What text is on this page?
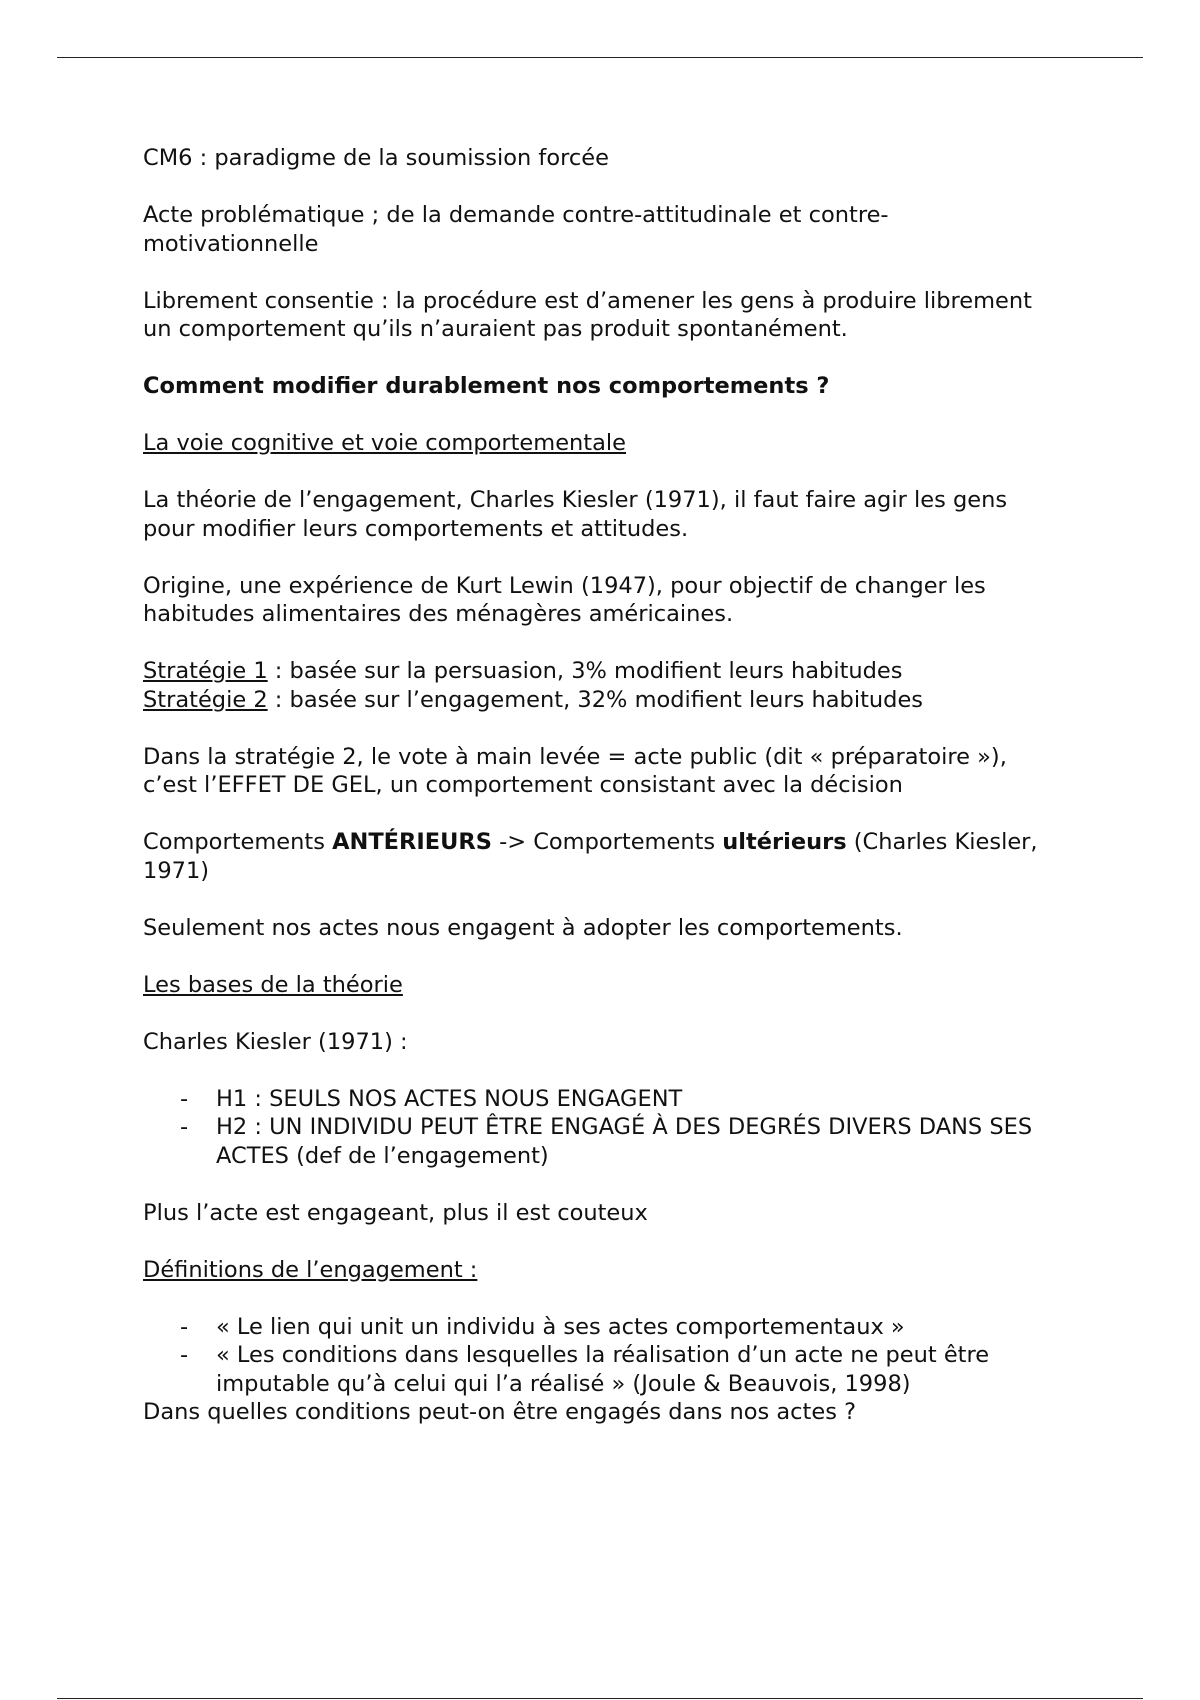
CM6 : paradigme de la soumission forcée

Acte problématique ; de la demande contre-attitudinale et contre-motivationnelle

Librement consentie : la procédure est d’amener les gens à produire librement un comportement qu’ils n’auraient pas produit spontanément.

Comment modifier durablement nos comportements ?

La voie cognitive et voie comportementale

La théorie de l’engagement, Charles Kiesler (1971), il faut faire agir les gens pour modifier leurs comportements et attitudes.

Origine, une expérience de Kurt Lewin (1947), pour objectif de changer les habitudes alimentaires des ménagères américaines.

Stratégie 1 : basée sur la persuasion, 3% modifient leurs habitudes
Stratégie 2 : basée sur l’engagement, 32% modifient leurs habitudes

Dans la stratégie 2, le vote à main levée = acte public (dit « préparatoire »), c’est l’EFFET DE GEL, un comportement consistant avec la décision

Comportements ANTÉRIEURS -> Comportements ultérieurs (Charles Kiesler, 1971)

Seulement nos actes nous engagent à adopter les comportements.

Les bases de la théorie

Charles Kiesler (1971) :

- H1 : SEULS NOS ACTES NOUS ENGAGENT
- H2 : UN INDIVIDU PEUT ÊTRE ENGAGÉ À DES DEGRÉS DIVERS DANS SES ACTES (def de l’engagement)

Plus l’acte est engageant, plus il est couteux

Définitions de l’engagement :

- « Le lien qui unit un individu à ses actes comportementaux »
- « Les conditions dans lesquelles la réalisation d’un acte ne peut être imputable qu’à celui qui l’a réalisé » (Joule & Beauvois, 1998)

Dans quelles conditions peut-on être engagés dans nos actes ?
